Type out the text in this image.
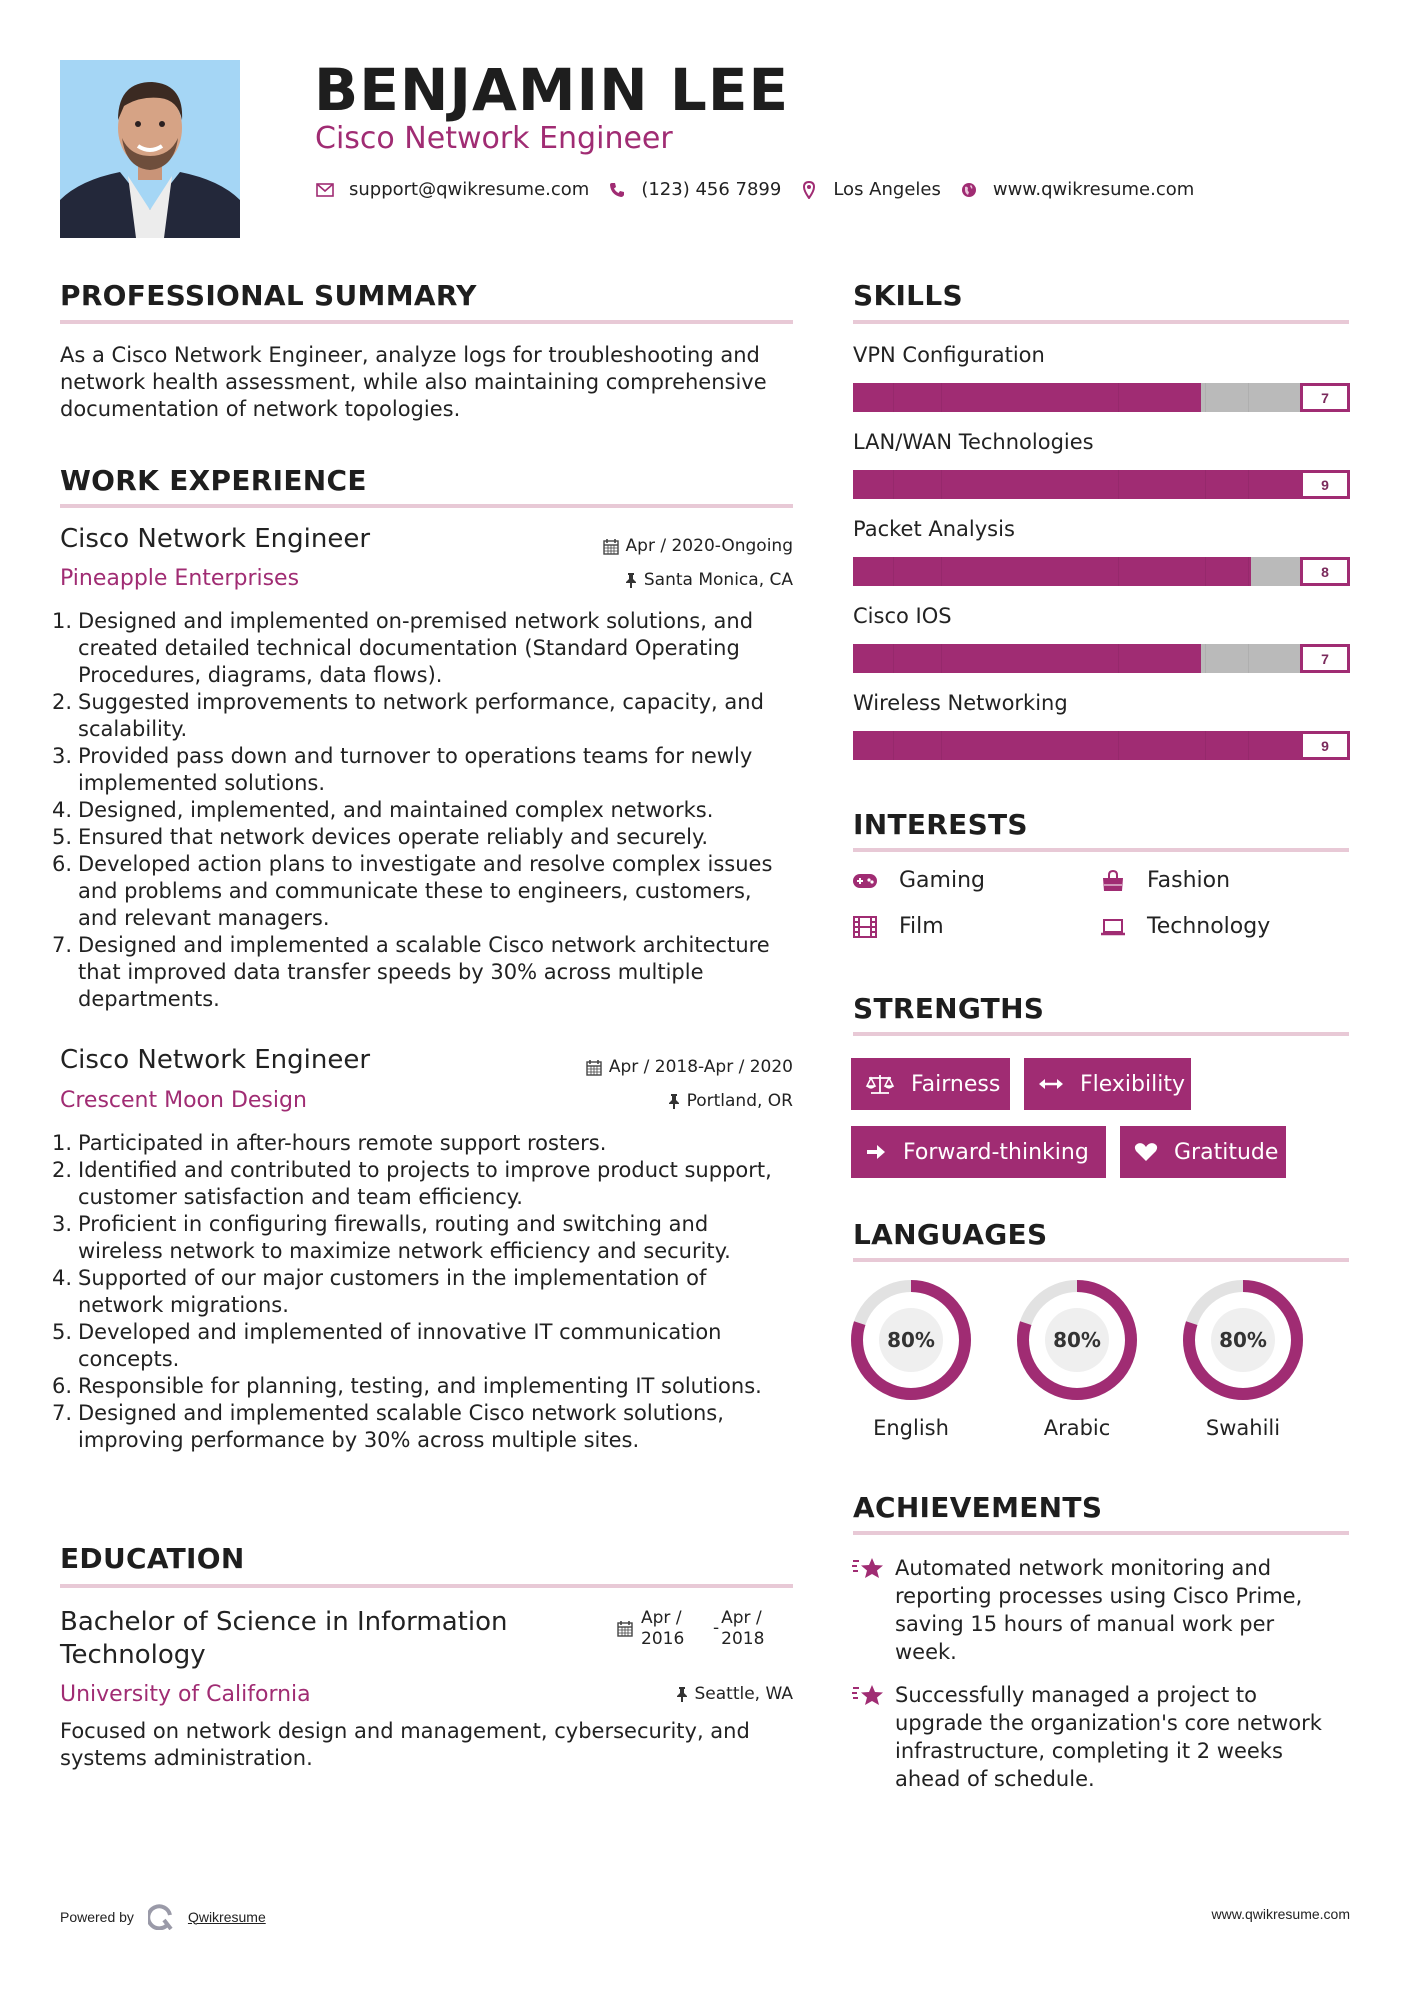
BENJAMIN LEE
Cisco Network Engineer
support@qwikresume.com	(123) 456 7899	Los Angeles	www.qwikresume.com
PROFESSIONAL SUMMARY
As a Cisco Network Engineer, analyze logs for troubleshooting and network health assessment, while also maintaining comprehensive documentation of network topologies.
WORK EXPERIENCE
Cisco Network Engineer	Apr / 2020-Ongoing
Pineapple Enterprises	Santa Monica, CA
1. Designed and implemented on-premised network solutions, and created detailed technical documentation (Standard Operating Procedures, diagrams, data flows).
2. Suggested improvements to network performance, capacity, and scalability.
3. Provided pass down and turnover to operations teams for newly implemented solutions.
4. Designed, implemented, and maintained complex networks.
5. Ensured that network devices operate reliably and securely.
6. Developed action plans to investigate and resolve complex issues and problems and communicate these to engineers, customers, and relevant managers.
7. Designed and implemented a scalable Cisco network architecture that improved data transfer speeds by 30% across multiple departments.
Cisco Network Engineer	Apr / 2018-Apr / 2020
Crescent Moon Design	Portland, OR
1. Participated in after-hours remote support rosters.
2. Identified and contributed to projects to improve product support, customer satisfaction and team efficiency.
3. Proficient in configuring firewalls, routing and switching and wireless network to maximize network efficiency and security.
4. Supported of our major customers in the implementation of network migrations.
5. Developed and implemented of innovative IT communication concepts.
6. Responsible for planning, testing, and implementing IT solutions.
7. Designed and implemented scalable Cisco network solutions, improving performance by 30% across multiple sites.
EDUCATION
Bachelor of Science in Information Technology
Apr / 2016
- Apr / 2018
University of California	Seattle, WA
Focused on network design and management, cybersecurity, and systems administration.
SKILLS
VPN Configuration
7
LAN/WAN Technologies
9
Packet Analysis
8
Cisco IOS
7
Wireless Networking
9
INTERESTS
Gaming	Fashion
Film	Technology
STRENGTHS
Fairness	Flexibility
Forward-thinking	Gratitude
LANGUAGES
80%
English
80%
Arabic
80%
Swahili
ACHIEVEMENTS
Automated network monitoring and reporting processes using Cisco Prime, saving 15 hours of manual work per week.
Successfully managed a project to upgrade the organization's core network infrastructure, completing it 2 weeks ahead of schedule.
Powered by	Qwikresume	www.qwikresume.com
